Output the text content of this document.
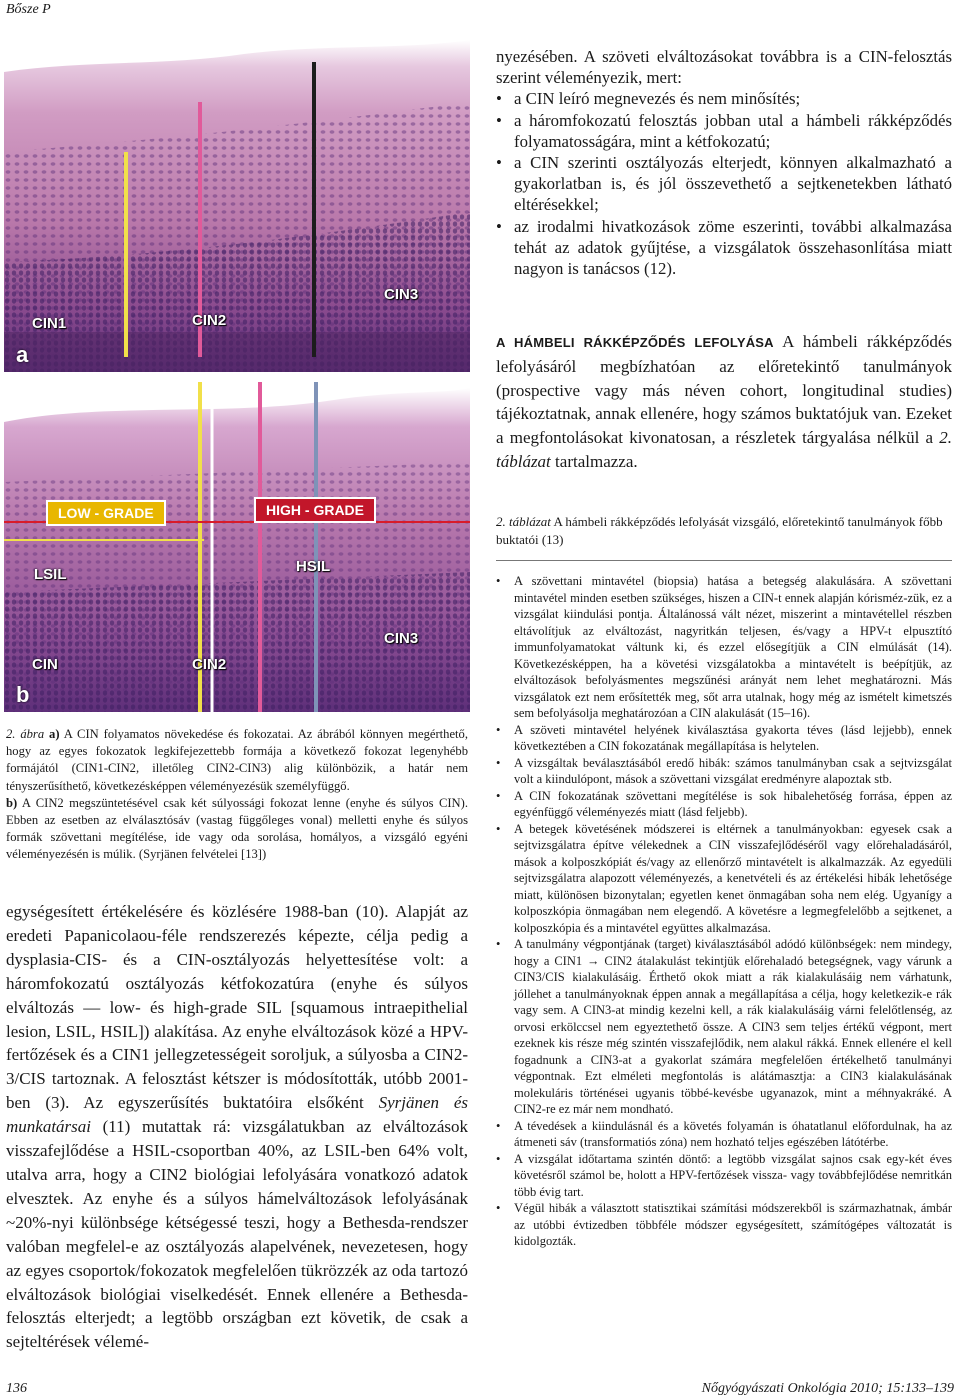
Bősze P
CIN1	CIN2
CIN3
a
LOW - GRADE	HIGH - GRADE
LSIL	HSIL
CIN	CIN2
CIN3
b
2. ábra a) A CIN folyamatos növekedése és fokozatai. Az ábrából könnyen megérthető, hogy az egyes fokozatok legkifejezettebb formája a következő fokozat legenyhébb formájától (CIN1-CIN2, illetőleg CIN2-CIN3) alig különbözik, a határ nem tényszerűsíthető, következésképpen véleményezésük személyfüggő.
b) A CIN2 megszüntetésével csak két súlyossági fokozat lenne (enyhe és súlyos CIN). Ebben az esetben az elválasztósáv (vastag függőleges vonal) melletti enyhe és súlyos formák szövettani megítélése, ide vagy oda sorolása, homályos, a vizsgáló egyéni véleményezésén is múlik. (Syrjänen felvételei [13])
egységesített értékelésére és közlésére 1988-ban (10). Alapját az eredeti Papanicolaou-féle rendszerezés képezte, célja pedig a dysplasia-CIS- és a CIN-osztályozás helyettesítése volt: a háromfokozatú osztályozás kétfokozatúra (enyhe és súlyos elváltozás — low- és high-grade SIL [squamous intraepithelial lesion, LSIL, HSIL]) alakítása. Az enyhe elváltozások közé a HPV-fertőzések és a CIN1 jellegzetességeit soroljuk, a súlyosba a CIN2-3/CIS tartoznak. A felosztást kétszer is módosították, utóbb 2001-ben (3). Az egyszerűsítés buktatóira elsőként Syrjänen és munkatársai (11) mutattak rá: vizsgálatukban az elváltozások visszafejlődése a HSIL-csoportban 40%, az LSIL-ben 64% volt, utalva arra, hogy a CIN2 biológiai lefolyására vonatkozó adatok elvesztek. Az enyhe és a súlyos hámelváltozások lefolyásának ~20%-nyi különbsége kétségessé teszi, hogy a Bethesda-rendszer valóban megfelel-e az osztályozás alapelvének, nevezetesen, hogy az egyes csoportok/fokozatok megfelelően tükrözzék az oda tartozó elváltozások biológiai viselkedését. Ennek ellenére a Bethesda-felosztás elterjedt; a legtöbb országban ezt követik, de csak a sejteltérések vélemé-

nyezésében. A szöveti elváltozásokat továbbra is a CIN-felosztás szerint véleményezik, mert:

• a CIN leíró megnevezés és nem minősítés;
• a háromfokozatú felosztás jobban utal a hámbeli rákképződés folyamatosságára, mint a kétfokozatú;
• a CIN szerinti osztályozás elterjedt, könnyen alkalmazható a gyakorlatban is, és jól összevethető a sejtkenetekben látható eltérésekkel;
• az irodalmi hivatkozások zöme eszerinti, további alkalmazása tehát az adatok gyűjtése, a vizsgálatok összehasonlítása miatt nagyon is tanácsos (12).
A HÁMBELI RÁKKÉPZŐDÉS LEFOLYÁSA A hámbeli rákképződés lefolyásáról megbízhatóan az előretekintő tanulmányok (prospective vagy más néven cohort, longitudinal studies) tájékoztatnak, annak ellenére, hogy számos buktatójuk van. Ezeket a megfontolásokat kivonatosan, a részletek tárgyalása nélkül a 2. táblázat tartalmazza.
2. táblázat A hámbeli rákképződés lefolyását vizsgáló, előretekintő tanulmányok főbb buktatói (13)
• A szövettani mintavétel (biopsia) hatása a betegség alakulására. A szövettani mintavétel minden esetben szükséges, hiszen a CIN-t ennek alapján kórisméz-zük, ez a vizsgálat kiindulási pontja. Általánossá vált nézet, miszerint a mintavétellel részben eltávolítjuk az elváltozást, nagyritkán teljesen, és/vagy a HPV-t elpusztító immunfolyamatokat váltunk ki, és ezzel elősegítjük a CIN elmúlását (14). Következésképpen, ha a követési vizsgálatokba a mintavételt is beépítjük, az elváltozások befolyásmentes megszűnési arányát nem lehet meghatározni. Más vizsgálatok ezt nem erősítették meg, sőt arra utalnak, hogy még az ismételt kimetszés sem befolyásolja meghatározóan a CIN alakulását (15–16).
• A szöveti mintavétel helyének kiválasztása gyakorta téves (lásd lejjebb), ennek következtében a CIN fokozatának megállapítása is helytelen.
• A vizsgáltak beválasztásából eredő hibák: számos tanulmányban csak a sejtvizsgálat volt a kiindulópont, mások a szövettani vizsgálat eredményre alapoztak stb.
• A CIN fokozatának szövettani megítélése is sok hibalehetőség forrása, éppen az egyénfüggő véleményezés miatt (lásd feljebb).
• A betegek követésének módszerei is eltérnek a tanulmányokban: egyesek csak a sejtvizsgálatra építve vélekednek a CIN visszafejlődéséről vagy előrehaladásáról, mások a kolposzkópiát és/vagy az ellenőrző mintavételt is alkalmazzák. Az egyedüli sejtvizsgálatra alapozott véleményezés, a kenetvételi és az értékelési hibák lehetősége miatt, különösen bizonytalan; egyetlen kenet önmagában soha nem elég. Ugyanígy a kolposzkópia önmagában nem elegendő. A követésre a legmegfelelőbb a sejtkenet, a kolposzkópia és a mintavétel együttes alkalmazása.
• A tanulmány végpontjának (target) kiválasztásából adódó különbségek: nem mindegy, hogy a CIN1 → CIN2 átalakulást tekintjük előrehaladó betegségnek, vagy várunk a CIN3/CIS kialakulásáig. Érthető okok miatt a rák kialakulásáig nem várhatunk, jóllehet a tanulmányoknak éppen annak a megállapítása a célja, hogy keletkezik-e rák vagy sem. A CIN3-at mindig kezelni kell, a rák kialakulásáig várni felelőtlenség, az orvosi erkölccsel nem egyeztethető össze. A CIN3 sem teljes értékű végpont, mert ezeknek kis része még szintén visszafejlődik, nem alakul rákká. Ennek ellenére el kell fogadnunk a CIN3-at a gyakorlat számára megfelelően értékelhető tanulmányi végpontnak. Ezt elméleti megfontolás is alátámasztja: a CIN3 kialakulásának molekuláris történései ugyanis többé-kevésbe ugyanazok, mint a méhnyakráké. A CIN2-re ez már nem mondható.
• A tévedések a kiindulásnál és a követés folyamán is óhatatlanul előfordulnak, ha az átmeneti sáv (transformatiós zóna) nem hozható teljes egészében látótérbe.
• A vizsgálat időtartama szintén döntő: a legtöbb vizsgálat sajnos csak egy-két éves követésről számol be, holott a HPV-fertőzések vissza- vagy továbbfejlődése nemritkán több évig tart.
• Végül hibák a választott statisztikai számítási módszerekből is származhatnak, ámbár az utóbbi évtizedben többféle módszer egységesített, számítógépes változatát is kidolgozták.
136	Nőgyógyászati Onkológia 2010; 15:133–139
